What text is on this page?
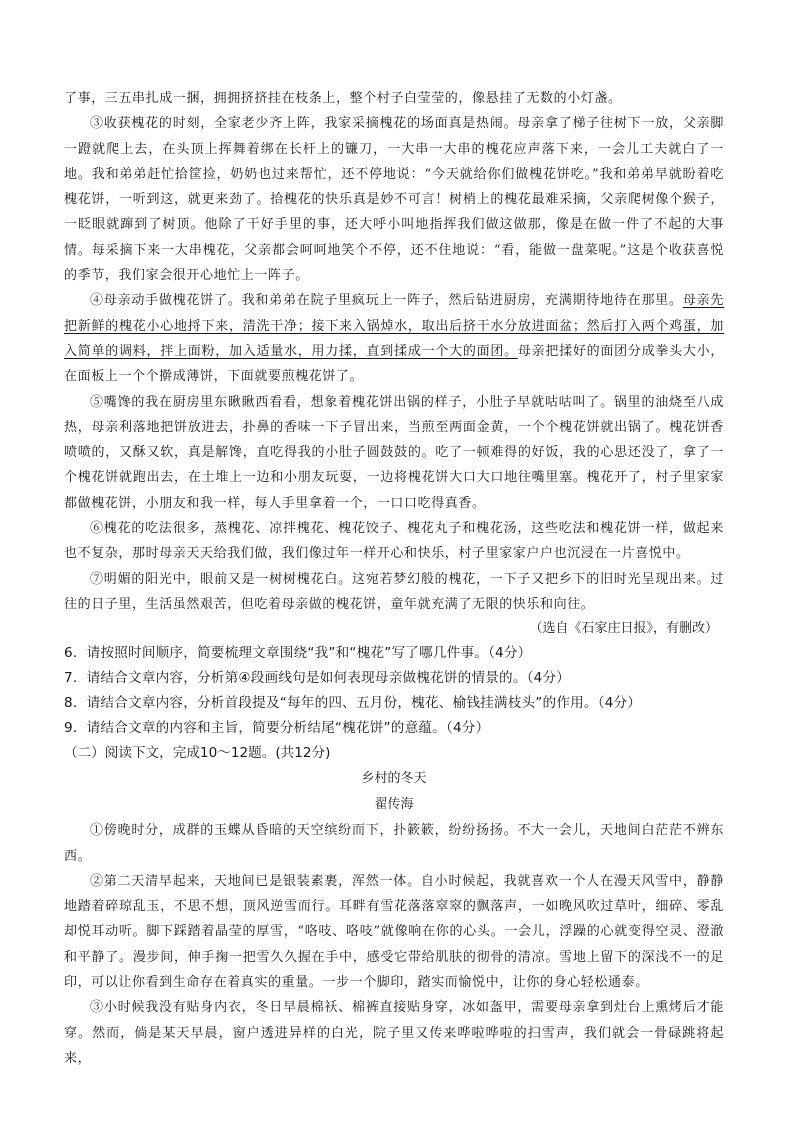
了事，三五串扎成一捆，拥拥挤挤挂在枝条上，整个村子白莹莹的，像悬挂了无数的小灯盏。

③收获槐花的时刻，全家老少齐上阵，我家采摘槐花的场面真是热闹。母亲拿了梯子往树下一放，父亲脚一蹬就爬上去，在头顶上挥舞着绑在长杆上的镰刀，一大串一大串的槐花应声落下来，一会儿工夫就白了一地。我和弟弟赶忙拾筐捡，奶奶也过来帮忙，还不停地说：“今天就给你们做槐花饼吃。”我和弟弟早就盼着吃槐花饼，一听到这，就更来劲了。拾槐花的快乐真是妙不可言！树梢上的槐花最难采摘，父亲爬树像个猴子，一眨眼就蹿到了树顶。他除了干好手里的事，还大呼小叫地指挥我们做这做那，像是在做一件了不起的大事情。每采摘下来一大串槐花，父亲都会呵呵地笑个不停，还不住地说：“看，能做一盘菜呢。”这是个收获喜悦的季节，我们家会很开心地忙上一阵子。

④母亲动手做槐花饼了。我和弟弟在院子里疯玩上一阵子，然后钻进厨房，充满期待地待在那里。母亲先把新鲜的槐花小心地捋下来，清洗干净；接下来入锅焯水，取出后挤干水分放进面盆；然后打入两个鸡蛋，加入简单的调料，拌上面粉，加入适量水，用力揉，直到揉成一个大的面团。母亲把揉好的面团分成拳头大小，在面板上一个个擀成薄饼，下面就要煎槐花饼了。

⑤嘴馋的我在厨房里东瞅瞅西看看，想象着槐花饼出锅的样子，小肚子早就咕咕叫了。锅里的油烧至八成热，母亲利落地把饼放进去，扑鼻的香味一下子冒出来，当煎至两面金黄，一个个槐花饼就出锅了。槐花饼香喷喷的，又酥又软，真是解馋，直吃得我的小肚子圆鼓鼓的。吃了一顿难得的好饭，我的心思还没了，拿了一个槐花饼就跑出去，在土堆上一边和小朋友玩耍，一边将槐花饼大口大口地往嘴里塞。槐花开了，村子里家家都做槐花饼，小朋友和我一样，每人手里拿着一个，一口口吃得真香。

⑥槐花的吃法很多，蒸槐花、凉拌槐花、槐花饺子、槐花丸子和槐花汤，这些吃法和槐花饼一样，做起来也不复杂，那时母亲天天给我们做，我们像过年一样开心和快乐，村子里家家户户也沉浸在一片喜悦中。

⑦明媚的阳光中，眼前又是一树树槐花白。这宛若梦幻般的槐花，一下子又把乡下的旧时光呈现出来。过往的日子里，生活虽然艰苦，但吃着母亲做的槐花饼，童年就充满了无限的快乐和向往。

（选自《石家庄日报》，有删改）

6．请按照时间顺序，简要梳理文章围绕“我”和“槐花”写了哪几件事。（4分）

7．请结合文章内容，分析第④段画线句是如何表现母亲做槐花饼的情景的。（4分）

8．请结合文章内容，分析首段提及“每年的四、五月份，槐花、榆钱挂满枝头”的作用。（4分）

9．请结合文章的内容和主旨，简要分析结尾“槐花饼”的意蕴。（4分）

（二）阅读下文，完成10～12题。(共12分)

乡村的冬天

翟传海

①傍晚时分，成群的玉蝶从昏暗的天空缤纷而下，扑簌簌，纷纷扬扬。不大一会儿，天地间白茫茫不辨东西。

②第二天清早起来，天地间已是银装素裹，浑然一体。自小时候起，我就喜欢一个人在漫天风雪中，静静地踏着碎琼乱玉，不思不想，顶风逆雪而行。耳畔有雪花落落窣窣的飘落声，一如晚风吹过草叶，细碎、零乱却悦耳动听。脚下踩踏着晶莹的厚雪，“咯吱、咯吱”就像响在你的心头。一会儿，浮躁的心就变得空灵、澄澈和平静了。漫步间，伸手掬一把雪久久握在手中，感受它带给肌肤的彻骨的清凉。雪地上留下的深浅不一的足印，可以让你看到生命存在着真实的重量。一步一个脚印，踏实而愉悦中，让你的身心轻松通泰。

③小时候我没有贴身内衣，冬日早晨棉袄、棉裤直接贴身穿，冰如盔甲，需要母亲拿到灶台上熏烤后才能穿。然而，倘是某天早晨，窗户透进异样的白光，院子里又传来哗啦哗啦的扫雪声，我们就会一骨碌跳将起来，
